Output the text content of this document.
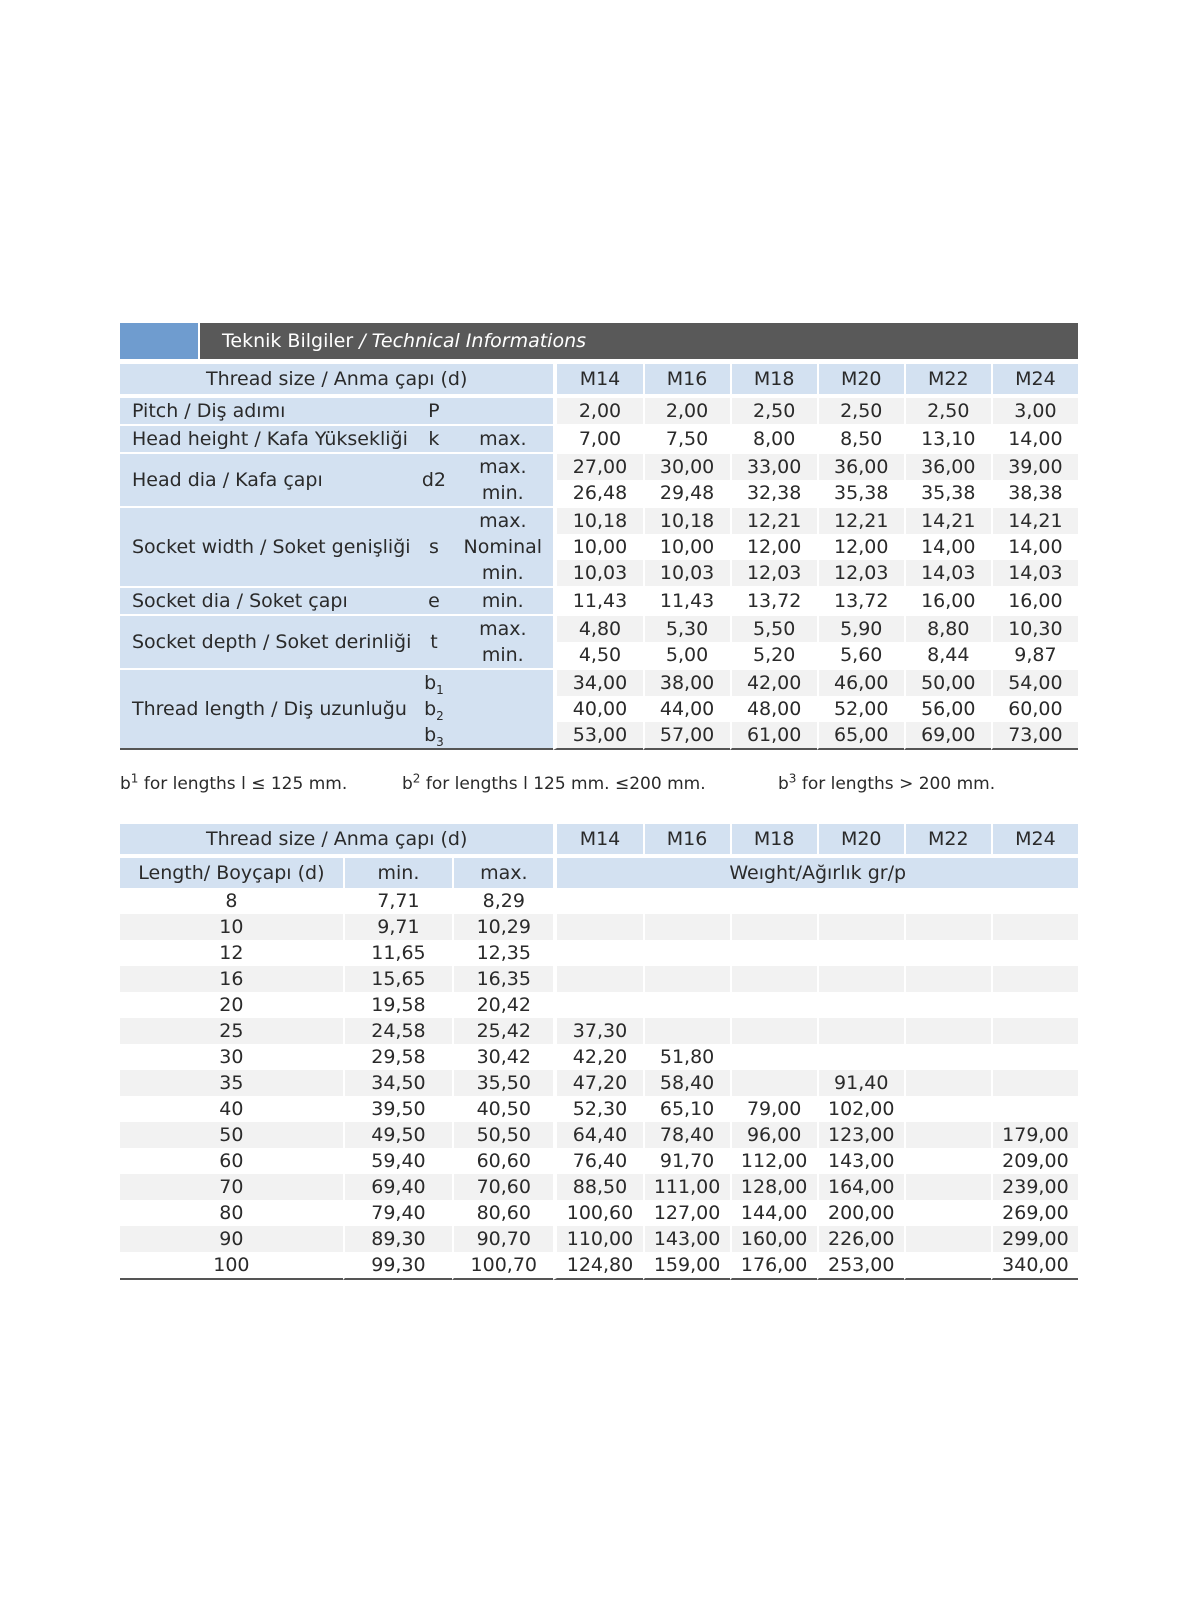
Teknik Bilgiler
/ Technical Informations
Thread size / Anma çapı (d)			M14	M16	M18	M20	M22	M24

Pitch / Diş adımı	P		2,00	2,00	2,50	2,50	2,50	3,00
Head height / Kafa Yüksekliği	k	max.	7,00	7,50	8,00	8,50	13,10	14,00
Head dia / Kafa çapı	d2	max.	27,00	30,00	33,00	36,00	36,00	39,00
		min.	26,48	29,48	32,38	35,38	35,38	38,38
Socket width / Soket genişliği	s	max.	10,18	10,18	12,21	12,21	14,21	14,21
		Nominal	10,00	10,00	12,00	12,00	14,00	14,00
		min.	10,03	10,03	12,03	12,03	14,03	14,03
Socket dia / Soket çapı	e	min.	11,43	11,43	13,72	13,72	16,00	16,00
Socket depth / Soket derinliği	t	max.	4,80	5,30	5,50	5,90	8,80	10,30
		min.	4,50	5,00	5,20	5,60	8,44	9,87
Thread length / Diş uzunluğu	$b_1$		34,00	38,00	42,00	46,00	50,00	54,00
	$b_2$		40,00	44,00	48,00	52,00	56,00	60,00
	$b_3$		53,00	57,00	61,00	65,00	69,00	73,00
$b^1$ for lengths l ≤ 125 mm.	$b^2$ for lengths l 125 mm. ≤200 mm.	$b^3$ for lengths > 200 mm.
Thread size / Anma çapı (d)			M14	M16	M18	M20	M22	M24

Length/ Boyçapı (d)	min.	max.	Weıght/Ağırlık gr/p					
8	7,71	8,29						
10	9,71	10,29						
12	11,65	12,35						
16	15,65	16,35						
20	19,58	20,42						
25	24,58	25,42	37,30					
30	29,58	30,42	42,20	51,80				
35	34,50	35,50	47,20	58,40		91,40		
40	39,50	40,50	52,30	65,10	79,00	102,00		
50	49,50	50,50	64,40	78,40	96,00	123,00		179,00
60	59,40	60,60	76,40	91,70	112,00	143,00		209,00
70	69,40	70,60	88,50	111,00	128,00	164,00		239,00
80	79,40	80,60	100,60	127,00	144,00	200,00		269,00
90	89,30	90,70	110,00	143,00	160,00	226,00		299,00
100	99,30	100,70	124,80	159,00	176,00	253,00		340,00
